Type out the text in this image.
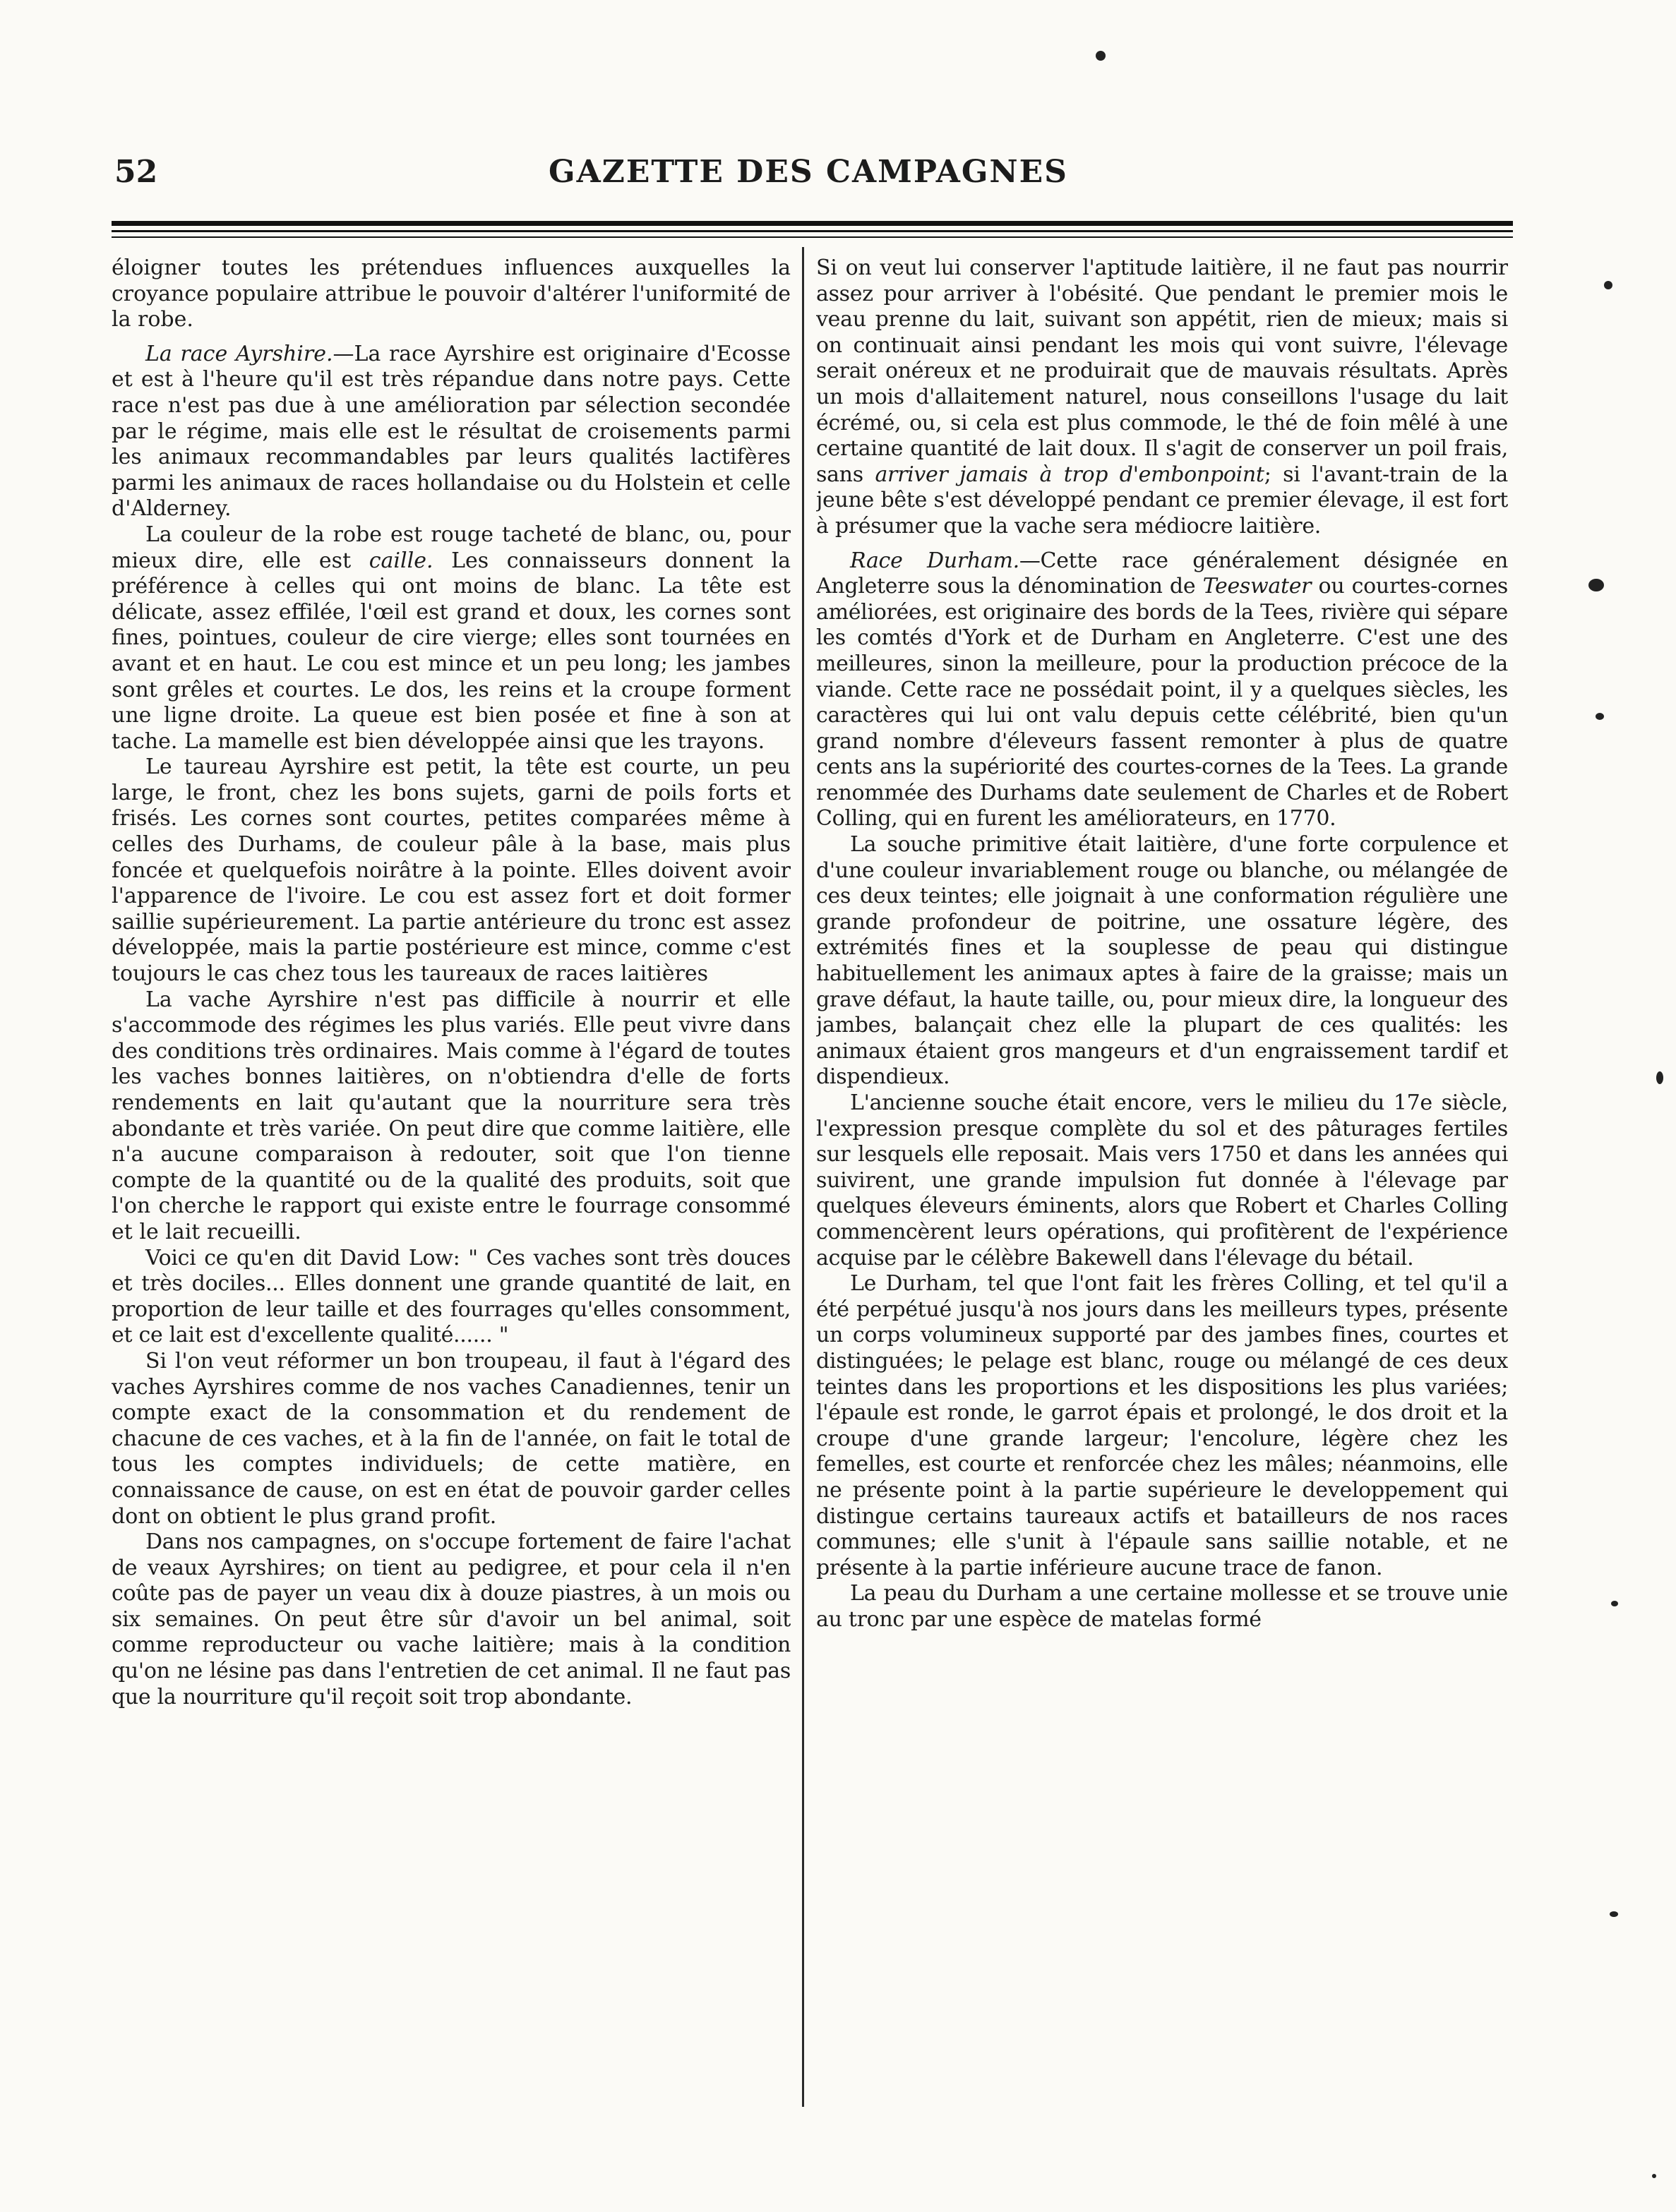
52	GAZETTE DES CAMPAGNES

éloigner toutes les prétendues influences auxquelles la croyance populaire attribue le pouvoir d'altérer l'uniformité de la robe.

La race Ayrshire.—La race Ayrshire est originaire d'Ecosse et est à l'heure qu'il est très répandue dans notre pays. Cette race n'est pas due à une amélioration par sélection secondée par le régime, mais elle est le résultat de croisements parmi les animaux recommandables par leurs qualités lactifères parmi les animaux de races hollandaise ou du Holstein et celle d'Alderney.

La couleur de la robe est rouge tacheté de blanc, ou, pour mieux dire, elle est caille. Les connaisseurs donnent la préférence à celles qui ont moins de blanc. La tête est délicate, assez effilée, l'œil est grand et doux, les cornes sont fines, pointues, couleur de cire vierge; elles sont tournées en avant et en haut. Le cou est mince et un peu long; les jambes sont grêles et courtes. Le dos, les reins et la croupe forment une ligne droite. La queue est bien posée et fine à son at tache. La mamelle est bien développée ainsi que les trayons.

Le taureau Ayrshire est petit, la tête est courte, un peu large, le front, chez les bons sujets, garni de poils forts et frisés. Les cornes sont courtes, petites comparées même à celles des Durhams, de couleur pâle à la base, mais plus foncée et quelquefois noirâtre à la pointe. Elles doivent avoir l'apparence de l'ivoire. Le cou est assez fort et doit former saillie supérieurement. La partie antérieure du tronc est assez développée, mais la partie postérieure est mince, comme c'est toujours le cas chez tous les taureaux de races laitières

La vache Ayrshire n'est pas difficile à nourrir et elle s'accommode des régimes les plus variés. Elle peut vivre dans des conditions très ordinaires. Mais comme à l'égard de toutes les vaches bonnes laitières, on n'obtiendra d'elle de forts rendements en lait qu'autant que la nourriture sera très abondante et très variée. On peut dire que comme laitière, elle n'a aucune comparaison à redouter, soit que l'on tienne compte de la quantité ou de la qualité des produits, soit que l'on cherche le rapport qui existe entre le fourrage consommé et le lait recueilli.

Voici ce qu'en dit David Low: " Ces vaches sont très douces et très dociles... Elles donnent une grande quantité de lait, en proportion de leur taille et des fourrages qu'elles consomment, et ce lait est d'excellente qualité...... "

Si l'on veut réformer un bon troupeau, il faut à l'égard des vaches Ayrshires comme de nos vaches Canadiennes, tenir un compte exact de la consommation et du rendement de chacune de ces vaches, et à la fin de l'année, on fait le total de tous les comptes individuels; de cette matière, en connaissance de cause, on est en état de pouvoir garder celles dont on obtient le plus grand profit.

Dans nos campagnes, on s'occupe fortement de faire l'achat de veaux Ayrshires; on tient au pedigree, et pour cela il n'en coûte pas de payer un veau dix à douze piastres, à un mois ou six semaines. On peut être sûr d'avoir un bel animal, soit comme reproducteur ou vache laitière; mais à la condition qu'on ne lésine pas dans l'entretien de cet animal. Il ne faut pas que la nourriture qu'il reçoit soit trop abondante.

Si on veut lui conserver l'aptitude laitière, il ne faut pas nourrir assez pour arriver à l'obésité. Que pendant le premier mois le veau prenne du lait, suivant son appétit, rien de mieux; mais si on continuait ainsi pendant les mois qui vont suivre, l'élevage serait onéreux et ne produirait que de mauvais résultats. Après un mois d'allaitement naturel, nous conseillons l'usage du lait écrémé, ou, si cela est plus commode, le thé de foin mêlé à une certaine quantité de lait doux. Il s'agit de conserver un poil frais, sans arriver jamais à trop d'embonpoint; si l'avant-train de la jeune bête s'est développé pendant ce premier élevage, il est fort à présumer que la vache sera médiocre laitière.

Race Durham.—Cette race généralement désignée en Angleterre sous la dénomination de Teeswater ou courtes-cornes améliorées, est originaire des bords de la Tees, rivière qui sépare les comtés d'York et de Durham en Angleterre. C'est une des meilleures, sinon la meilleure, pour la production précoce de la viande. Cette race ne possédait point, il y a quelques siècles, les caractères qui lui ont valu depuis cette célébrité, bien qu'un grand nombre d'éleveurs fassent remonter à plus de quatre cents ans la supériorité des courtes-cornes de la Tees. La grande renommée des Durhams date seulement de Charles et de Robert Colling, qui en furent les améliorateurs, en 1770.

La souche primitive était laitière, d'une forte corpulence et d'une couleur invariablement rouge ou blanche, ou mélangée de ces deux teintes; elle joignait à une conformation régulière une grande profondeur de poitrine, une ossature légère, des extrémités fines et la souplesse de peau qui distingue habituellement les animaux aptes à faire de la graisse; mais un grave défaut, la haute taille, ou, pour mieux dire, la longueur des jambes, balançait chez elle la plupart de ces qualités: les animaux étaient gros mangeurs et d'un engraissement tardif et dispendieux.

L'ancienne souche était encore, vers le milieu du 17e siècle, l'expression presque complète du sol et des pâturages fertiles sur lesquels elle reposait. Mais vers 1750 et dans les années qui suivirent, une grande impulsion fut donnée à l'élevage par quelques éleveurs éminents, alors que Robert et Charles Colling commencèrent leurs opérations, qui profitèrent de l'expérience acquise par le célèbre Bakewell dans l'élevage du bétail.

Le Durham, tel que l'ont fait les frères Colling, et tel qu'il a été perpétué jusqu'à nos jours dans les meilleurs types, présente un corps volumineux supporté par des jambes fines, courtes et distinguées; le pelage est blanc, rouge ou mélangé de ces deux teintes dans les proportions et les dispositions les plus variées; l'épaule est ronde, le garrot épais et prolongé, le dos droit et la croupe d'une grande largeur; l'encolure, légère chez les femelles, est courte et renforcée chez les mâles; néanmoins, elle ne présente point à la partie supérieure le developpement qui distingue certains taureaux actifs et batailleurs de nos races communes; elle s'unit à l'épaule sans saillie notable, et ne présente à la partie inférieure aucune trace de fanon.

La peau du Durham a une certaine mollesse et se trouve unie au tronc par une espèce de matelas formé
